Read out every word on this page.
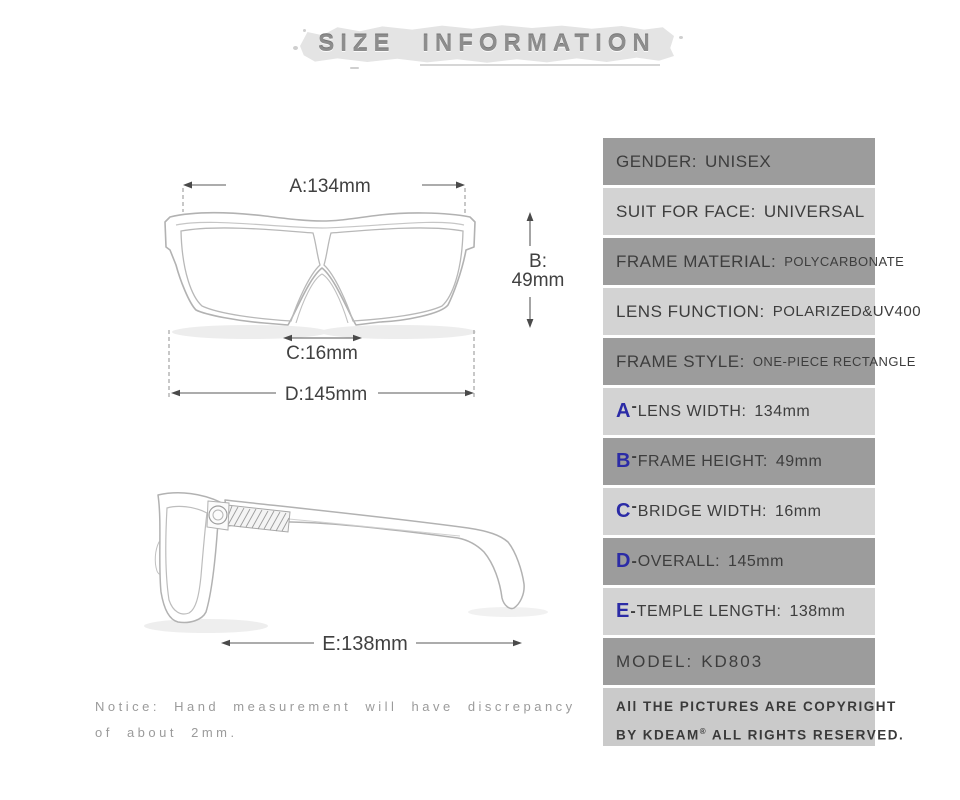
SIZE INFORMATION
A:134mm
B:
49mm
C:16mm
D:145mm
E:138mm
Notice: Hand measurement will have discrepancy
of about 2mm.
GENDER: UNISEX
SUIT FOR FACE: UNIVERSAL
FRAME MATERIAL: POLYCARBONATE
LENS FUNCTION: POLARIZED&UV400
FRAME STYLE: ONE-PIECE RECTANGLE
A - LENS WIDTH: 134mm
B - FRAME HEIGHT: 49mm
C - BRIDGE WIDTH: 16mm
D - OVERALL: 145mm
E - TEMPLE LENGTH: 138mm
MODEL: KD803
All THE PICTURES ARE COPYRIGHT
BY KDEAM® ALL RIGHTS RESERVED.
